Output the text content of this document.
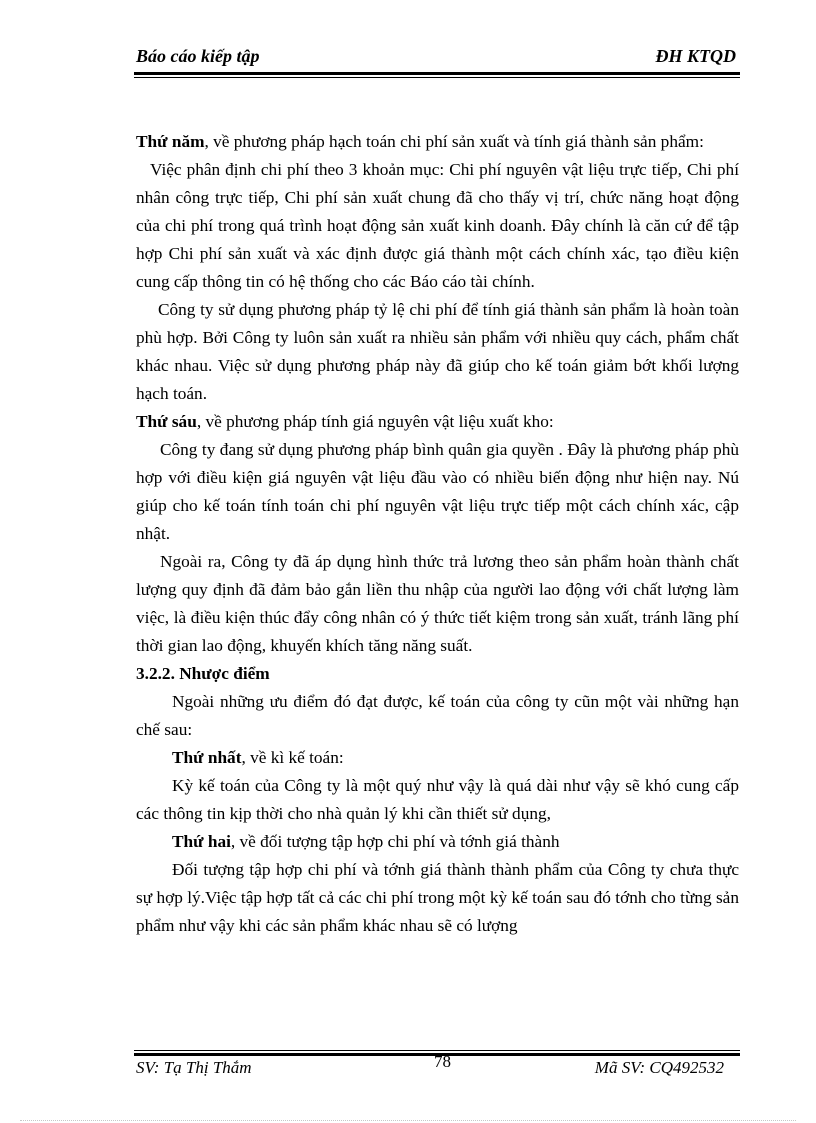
Báo cáo kiếp tập	ĐH KTQD

Thứ năm, về phương pháp hạch toán chi phí sản xuất và tính giá thành sản phẩm:

Việc phân định chi phí theo 3 khoản mục: Chi phí nguyên vật liệu trực tiếp, Chi phí nhân công trực tiếp, Chi phí sản xuất chung đã cho thấy vị trí, chức năng hoạt động của chi phí trong quá trình hoạt động sản xuất kinh doanh. Đây chính là căn cứ để tập hợp Chi phí sản xuất và xác định được giá thành một cách chính xác, tạo điều kiện cung cấp thông tin có hệ thống cho các Báo cáo tài chính.

Công ty sử dụng phương pháp tỷ lệ chi phí để tính giá thành sản phẩm là hoàn toàn phù hợp. Bởi Công ty luôn sản xuất ra nhiều sản phẩm với nhiều quy cách, phẩm chất khác nhau. Việc sử dụng phương pháp này đã giúp cho kế toán giảm bớt khối lượng hạch toán.

Thứ sáu, về phương pháp tính giá nguyên vật liệu xuất kho:

Công ty đang sử dụng phương pháp bình quân gia quyền . Đây là phương pháp phù hợp với điều kiện giá nguyên vật liệu đầu vào có nhiều biến động như hiện nay. Nú giúp cho kế toán tính toán chi phí nguyên vật liệu trực tiếp một cách chính xác, cập nhật.

Ngoài ra, Công ty đã áp dụng hình thức trả lương theo sản phẩm hoàn thành chất lượng quy định đã đảm bảo gắn liền thu nhập của người lao động với chất lượng làm việc, là điều kiện thúc đẩy công nhân có ý thức tiết kiệm trong sản xuất, tránh lãng phí thời gian lao động, khuyến khích tăng năng suất.

3.2.2. Nhược điểm

Ngoài những ưu điểm đó đạt được, kế toán của công ty cũn một vài những hạn chế sau:

Thứ nhất, về kì kế toán:

Kỳ kế toán của Công ty là một quý như vậy là quá dài như vậy sẽ khó cung cấp các thông tin kịp thời cho nhà quản lý khi cần thiết sử dụng,

Thứ hai, về đối tượng tập hợp chi phí và tớnh giá thành

Đối tượng tập hợp chi phí và tớnh giá thành thành phẩm của Công ty chưa thực sự hợp lý.Việc tập hợp tất cả các chi phí trong một kỳ kế toán sau đó tớnh cho từng sản phẩm như vậy khi các sản phẩm khác nhau sẽ có lượng

SV: Tạ Thị Thắm	78	Mã SV: CQ492532
